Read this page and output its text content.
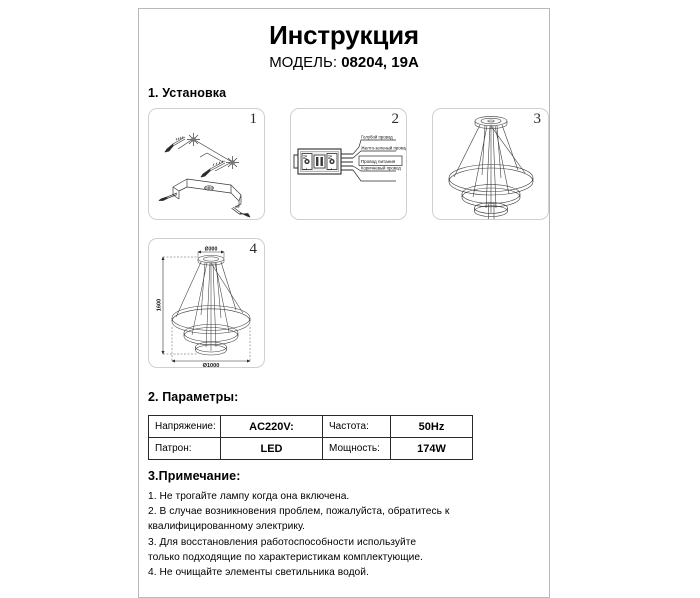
Инструкция
МОДЕЛЬ: 08204, 19A
1. Установка
1
N
L
N
L
Голубой провод
Желто-зеленый провод
Коричневый провод
Провод питания
2	3
Ø300
1600
Ø1000
4
2. Параметры:
Напряжение:	AC220V:	Частота:	50Hz
Патрон:	LED	Мощность:	174W
3.Примечание:
1. Не трогайте лампу когда она включена.
2. В случае возникновения проблем, пожалуйста, обратитесь к
квалифицированному электрику.
3. Для восстановления работоспособности используйте
только подходящие по характеристикам комплектующие.
4. Не очищайте элементы светильника водой.
